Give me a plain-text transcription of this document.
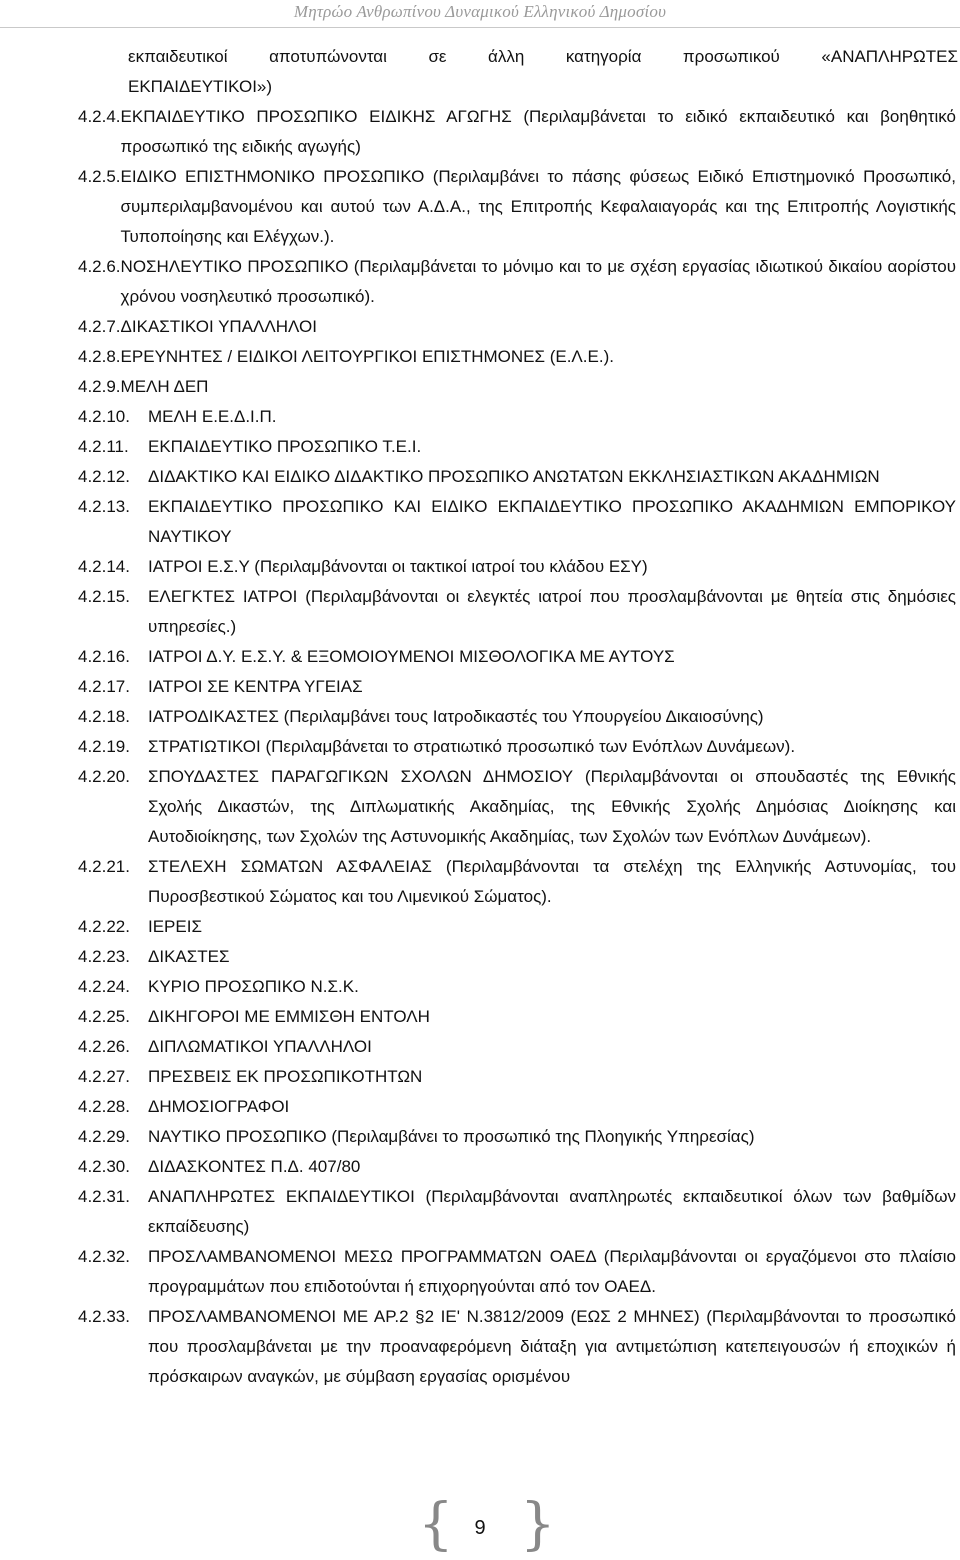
Μητρώο Ανθρωπίνου Δυναμικού Ελληνικού Δημοσίου
εκπαιδευτικοί αποτυπώνονται σε άλλη κατηγορία προσωπικού «ΑΝΑΠΛΗΡΩΤΕΣ
ΕΚΠΑΙΔΕΥΤΙΚΟΙ»)
4.2.4. ΕΚΠΑΙΔΕΥΤΙΚΟ ΠΡΟΣΩΠΙΚΟ ΕΙΔΙΚΗΣ ΑΓΩΓΗΣ (Περιλαμβάνεται το ειδικό εκπαιδευτικό και βοηθητικό προσωπικό της ειδικής αγωγής)
4.2.5. ΕΙΔΙΚΟ ΕΠΙΣΤΗΜΟΝΙΚΟ ΠΡΟΣΩΠΙΚΟ (Περιλαμβάνει το πάσης φύσεως Ειδικό Επιστημονικό Προσωπικό, συμπεριλαμβανομένου και αυτού των Α.Δ.Α., της Επιτροπής Κεφαλαιαγοράς και της Επιτροπής Λογιστικής Τυποποίησης και Ελέγχων.).
4.2.6. ΝΟΣΗΛΕΥΤΙΚΟ ΠΡΟΣΩΠΙΚΟ (Περιλαμβάνεται το μόνιμο και το με σχέση εργασίας ιδιωτικού δικαίου αορίστου χρόνου νοσηλευτικό προσωπικό).
4.2.7. ΔΙΚΑΣΤΙΚΟΙ ΥΠΑΛΛΗΛΟΙ
4.2.8. ΕΡΕΥΝΗΤΕΣ / ΕΙΔΙΚΟΙ ΛΕΙΤΟΥΡΓΙΚΟΙ ΕΠΙΣΤΗΜΟΝΕΣ (Ε.Λ.Ε.).
4.2.9. ΜΕΛΗ ΔΕΠ
4.2.10.	ΜΕΛΗ Ε.Ε.Δ.Ι.Π.
4.2.11.	ΕΚΠΑΙΔΕΥΤΙΚΟ ΠΡΟΣΩΠΙΚΟ Τ.Ε.Ι.
4.2.12.	ΔΙΔΑΚΤΙΚΟ ΚΑΙ ΕΙΔΙΚΟ ΔΙΔΑΚΤΙΚΟ ΠΡΟΣΩΠΙΚΟ ΑΝΩΤΑΤΩΝ ΕΚΚΛΗΣΙΑΣΤΙΚΩΝ ΑΚΑΔΗΜΙΩΝ
4.2.13.	ΕΚΠΑΙΔΕΥΤΙΚΟ ΠΡΟΣΩΠΙΚΟ ΚΑΙ ΕΙΔΙΚΟ ΕΚΠΑΙΔΕΥΤΙΚΟ ΠΡΟΣΩΠΙΚΟ ΑΚΑΔΗΜΙΩΝ ΕΜΠΟΡΙΚΟΥ ΝΑΥΤΙΚΟΥ
4.2.14.	ΙΑΤΡΟΙ Ε.Σ.Υ (Περιλαμβάνονται οι τακτικοί ιατροί του κλάδου ΕΣΥ)
4.2.15.	ΕΛΕΓΚΤΕΣ ΙΑΤΡΟΙ (Περιλαμβάνονται οι ελεγκτές ιατροί που προσλαμβάνονται με θητεία στις δημόσιες υπηρεσίες.)
4.2.16.	ΙΑΤΡΟΙ Δ.Υ. Ε.Σ.Υ. & ΕΞΟΜΟΙΟΥΜΕΝΟΙ ΜΙΣΘΟΛΟΓΙΚΑ ΜΕ ΑΥΤΟΥΣ
4.2.17.	ΙΑΤΡΟΙ ΣΕ ΚΕΝΤΡΑ ΥΓΕΙΑΣ
4.2.18.	ΙΑΤΡΟΔΙΚΑΣΤΕΣ (Περιλαμβάνει τους Ιατροδικαστές του Υπουργείου Δικαιοσύνης)
4.2.19.	ΣΤΡΑΤΙΩΤΙΚΟΙ (Περιλαμβάνεται το στρατιωτικό προσωπικό των Ενόπλων Δυνάμεων).
4.2.20.	ΣΠΟΥΔΑΣΤΕΣ ΠΑΡΑΓΩΓΙΚΩΝ ΣΧΟΛΩΝ ΔΗΜΟΣΙΟΥ (Περιλαμβάνονται οι σπουδαστές της Εθνικής Σχολής Δικαστών, της Διπλωματικής Ακαδημίας, της Εθνικής Σχολής Δημόσιας Διοίκησης και Αυτοδιοίκησης, των Σχολών της Αστυνομικής Ακαδημίας, των Σχολών των Ενόπλων Δυνάμεων).
4.2.21.	ΣΤΕΛΕΧΗ ΣΩΜΑΤΩΝ ΑΣΦΑΛΕΙΑΣ (Περιλαμβάνονται τα στελέχη της Ελληνικής Αστυνομίας, του Πυροσβεστικού Σώματος και του Λιμενικού Σώματος).
4.2.22.	ΙΕΡΕΙΣ
4.2.23.	ΔΙΚΑΣΤΕΣ
4.2.24.	ΚΥΡΙΟ ΠΡΟΣΩΠΙΚΟ Ν.Σ.Κ.
4.2.25.	ΔΙΚΗΓΟΡΟΙ ΜΕ ΕΜΜΙΣΘΗ ΕΝΤΟΛΗ
4.2.26.	ΔΙΠΛΩΜΑΤΙΚΟΙ ΥΠΑΛΛΗΛΟΙ
4.2.27.	ΠΡΕΣΒΕΙΣ ΕΚ ΠΡΟΣΩΠΙΚΟΤΗΤΩΝ
4.2.28.	ΔΗΜΟΣΙΟΓΡΑΦΟΙ
4.2.29.	ΝΑΥΤΙΚΟ ΠΡΟΣΩΠΙΚΟ (Περιλαμβάνει το προσωπικό της Πλοηγικής Υπηρεσίας)
4.2.30.	ΔΙΔΑΣΚΟΝΤΕΣ Π.Δ. 407/80
4.2.31.	ΑΝΑΠΛΗΡΩΤΕΣ ΕΚΠΑΙΔΕΥΤΙΚΟΙ (Περιλαμβάνονται αναπληρωτές εκπαιδευτικοί όλων των βαθμίδων εκπαίδευσης)
4.2.32.	ΠΡΟΣΛΑΜΒΑΝΟΜΕΝΟΙ ΜΕΣΩ ΠΡΟΓΡΑΜΜΑΤΩΝ ΟΑΕΔ (Περιλαμβάνονται οι εργαζόμενοι στο πλαίσιο προγραμμάτων που επιδοτούνται ή επιχορηγούνται από τον ΟΑΕΔ.
4.2.33.	ΠΡΟΣΛΑΜΒΑΝΟΜΕΝΟΙ ΜΕ ΑΡ.2 §2 ΙΕ' Ν.3812/2009 (ΕΩΣ 2 ΜΗΝΕΣ) (Περιλαμβάνονται το προσωπικό που προσλαμβάνεται με την προαναφερόμενη διάταξη για αντιμετώπιση κατεπειγουσών ή εποχικών ή πρόσκαιρων αναγκών, με σύμβαση εργασίας ορισμένου
{	9 }
